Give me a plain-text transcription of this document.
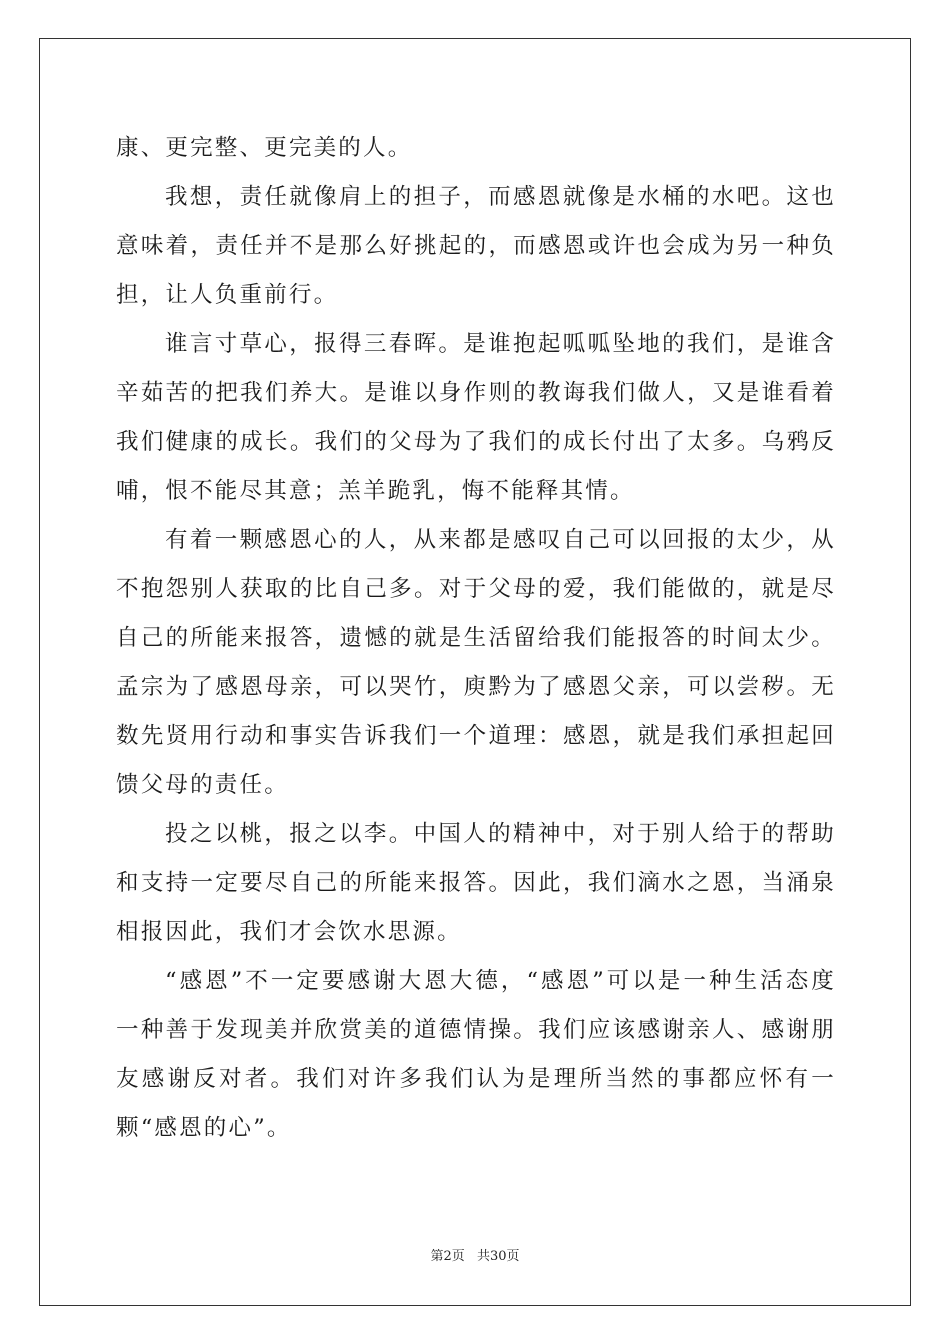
康、更完整、更完美的人。

我想，责任就像肩上的担子，而感恩就像是水桶的水吧。这也意味着，责任并不是那么好挑起的，而感恩或许也会成为另一种负担，让人负重前行。

谁言寸草心，报得三春晖。是谁抱起呱呱坠地的我们，是谁含辛茹苦的把我们养大。是谁以身作则的教诲我们做人，又是谁看着我们健康的成长。我们的父母为了我们的成长付出了太多。乌鸦反哺，恨不能尽其意；羔羊跪乳，悔不能释其情。

有着一颗感恩心的人，从来都是感叹自己可以回报的太少，从不抱怨别人获取的比自己多。对于父母的爱，我们能做的，就是尽自己的所能来报答，遗憾的就是生活留给我们能报答的时间太少。孟宗为了感恩母亲，可以哭竹，庾黔为了感恩父亲，可以尝秽。无数先贤用行动和事实告诉我们一个道理：感恩，就是我们承担起回馈父母的责任。

投之以桃，报之以李。中国人的精神中，对于别人给于的帮助和支持一定要尽自己的所能来报答。因此，我们滴水之恩，当涌泉相报因此，我们才会饮水思源。

“感恩”不一定要感谢大恩大德，“感恩”可以是一种生活态度一种善于发现美并欣赏美的道德情操。我们应该感谢亲人、感谢朋友感谢反对者。我们对许多我们认为是理所当然的事都应怀有一颗“感恩的心”。

第2页 共30页
